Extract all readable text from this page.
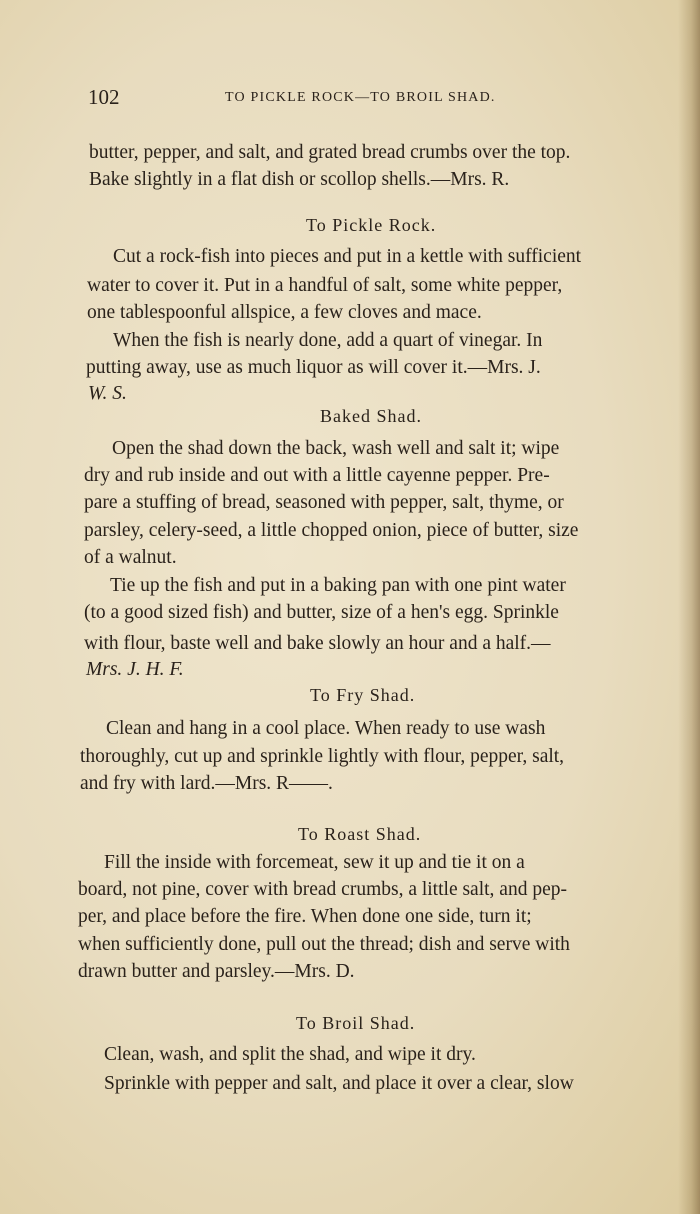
102	TO PICKLE ROCK—TO BROIL SHAD.
butter, pepper, and salt, and grated bread crumbs over the top.
Bake slightly in a flat dish or scollop shells.—Mrs. R.
To Pickle Rock.
Cut a rock-fish into pieces and put in a kettle with sufficient
water to cover it. Put in a handful of salt, some white pepper,
one tablespoonful allspice, a few cloves and mace.
When the fish is nearly done, add a quart of vinegar. In
putting away, use as much liquor as will cover it.—Mrs. J.
W. S.
Baked Shad.
Open the shad down the back, wash well and salt it; wipe
dry and rub inside and out with a little cayenne pepper. Pre-
pare a stuffing of bread, seasoned with pepper, salt, thyme, or
parsley, celery-seed, a little chopped onion, piece of butter, size
of a walnut.
Tie up the fish and put in a baking pan with one pint water
(to a good sized fish) and butter, size of a hen's egg. Sprinkle
with flour, baste well and bake slowly an hour and a half.—
Mrs. J. H. F.
To Fry Shad.
Clean and hang in a cool place. When ready to use wash
thoroughly, cut up and sprinkle lightly with flour, pepper, salt,
and fry with lard.—Mrs. R——.
To Roast Shad.
Fill the inside with forcemeat, sew it up and tie it on a
board, not pine, cover with bread crumbs, a little salt, and pep-
per, and place before the fire. When done one side, turn it;
when sufficiently done, pull out the thread; dish and serve with
drawn butter and parsley.—Mrs. D.
To Broil Shad.
Clean, wash, and split the shad, and wipe it dry.
Sprinkle with pepper and salt, and place it over a clear, slow
